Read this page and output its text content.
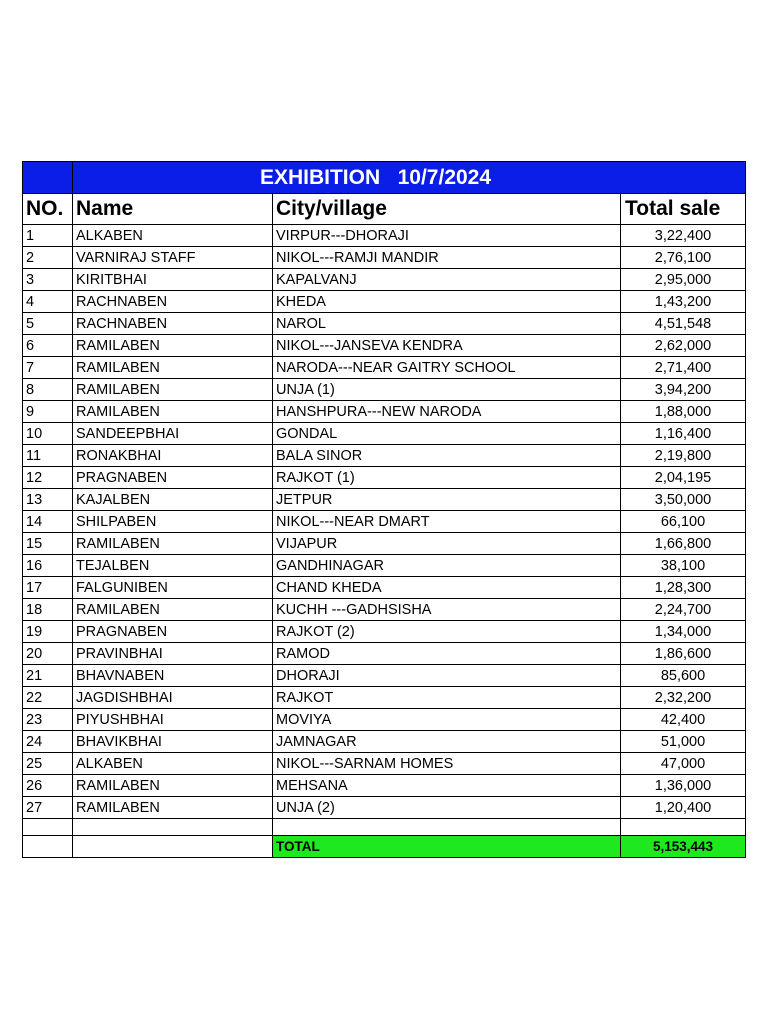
	EXHIBITION   10/7/2024		
NO.	Name	City/village	Total sale
1	ALKABEN	VIRPUR---DHORAJI	3,22,400
2	VARNIRAJ STAFF	NIKOL---RAMJI MANDIR	2,76,100
3	KIRITBHAI	KAPALVANJ	2,95,000
4	RACHNABEN	KHEDA	1,43,200
5	RACHNABEN	NAROL	4,51,548
6	RAMILABEN	NIKOL---JANSEVA KENDRA	2,62,000
7	RAMILABEN	NARODA---NEAR GAITRY SCHOOL	2,71,400
8	RAMILABEN	UNJA (1)	3,94,200
9	RAMILABEN	HANSHPURA---NEW NARODA	1,88,000
10	SANDEEPBHAI	GONDAL	1,16,400
11	RONAKBHAI	BALA SINOR	2,19,800
12	PRAGNABEN	RAJKOT (1)	2,04,195
13	KAJALBEN	JETPUR	3,50,000
14	SHILPABEN	NIKOL---NEAR DMART	66,100
15	RAMILABEN	VIJAPUR	1,66,800
16	TEJALBEN	GANDHINAGAR	38,100
17	FALGUNIBEN	CHAND KHEDA	1,28,300
18	RAMILABEN	KUCHH ---GADHSISHA	2,24,700
19	PRAGNABEN	RAJKOT (2)	1,34,000
20	PRAVINBHAI	RAMOD	1,86,600
21	BHAVNABEN	DHORAJI	85,600
22	JAGDISHBHAI	RAJKOT	2,32,200
23	PIYUSHBHAI	MOVIYA	42,400
24	BHAVIKBHAI	JAMNAGAR	51,000
25	ALKABEN	NIKOL---SARNAM HOMES	47,000
26	RAMILABEN	MEHSANA	1,36,000
27	RAMILABEN	UNJA (2)	1,20,400

		TOTAL	5,153,443
